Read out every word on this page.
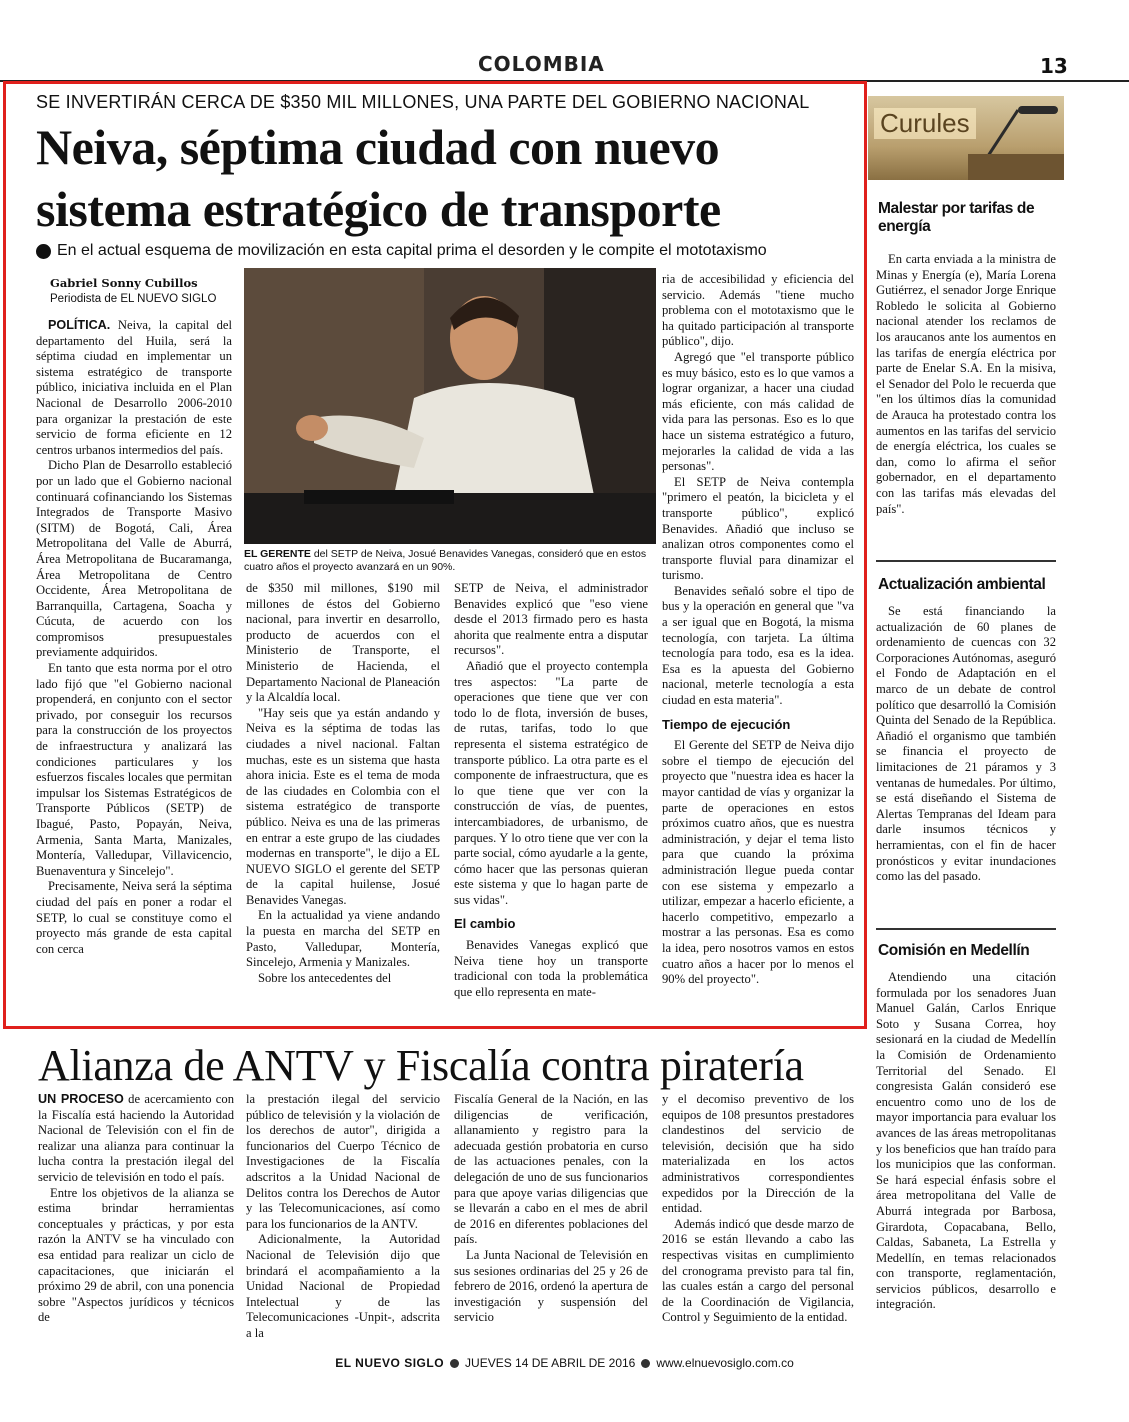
COLOMBIA	13
SE INVERTIRÁN CERCA DE $350 MIL MILLONES, UNA PARTE DEL GOBIERNO NACIONAL
Neiva, séptima ciudad con nuevo
sistema estratégico de transporte
En el actual esquema de movilización en esta capital prima el desorden y le compite el mototaxismo
Gabriel Sonny Cubillos
Periodista de EL NUEVO SIGLO

POLÍTICA. Neiva, la capital del departamento del Huila, será la séptima ciudad en implementar un sistema estratégico de transporte público, iniciativa incluida en el Plan Nacional de Desarrollo 2006-2010 para organizar la prestación de este servicio de forma eficiente en 12 centros urbanos intermedios del país.

Dicho Plan de Desarrollo estableció por un lado que el Gobierno nacional continuará cofinanciando los Sistemas Integrados de Transporte Masivo (SITM) de Bogotá, Cali, Área Metropolitana del Valle de Aburrá, Área Metropolitana de Bucaramanga, Área Metropolitana de Centro Occidente, Área Metropolitana de Barranquilla, Cartagena, Soacha y Cúcuta, de acuerdo con los compromisos presupuestales previamente adquiridos.

En tanto que esta norma por el otro lado fijó que "el Gobierno nacional propenderá, en conjunto con el sector privado, por conseguir los recursos para la construcción de los proyectos de infraestructura y analizará las condiciones particulares y los esfuerzos fiscales locales que permitan impulsar los Sistemas Estratégicos de Transporte Públicos (SETP) de Ibagué, Pasto, Popayán, Neiva, Armenia, Santa Marta, Manizales, Montería, Valledupar, Villavicencio, Buenaventura y Sincelejo".

Precisamente, Neiva será la séptima ciudad del país en poner a rodar el SETP, lo cual se constituye como el proyecto más grande de esta capital con cerca

EL GERENTE del SETP de Neiva, Josué Benavides Vanegas, consideró que en estos cuatro años el proyecto avanzará en un 90%.

de $350 mil millones, $190 mil millones de éstos del Gobierno nacional, para invertir en desarrollo, producto de acuerdos con el Ministerio de Transporte, el Ministerio de Hacienda, el Departamento Nacional de Planeación y la Alcaldía local.

"Hay seis que ya están andando y Neiva es la séptima de todas las ciudades a nivel nacional. Faltan muchas, este es un sistema que hasta ahora inicia. Este es el tema de moda de las ciudades en Colombia con el sistema estratégico de transporte público. Neiva es una de las primeras en entrar a este grupo de las ciudades modernas en transporte", le dijo a EL NUEVO SIGLO el gerente del SETP de la capital huilense, Josué Benavides Vanegas.

En la actualidad ya viene andando la puesta en marcha del SETP en Pasto, Valledupar, Montería, Sincelejo, Armenia y Manizales.

Sobre los antecedentes del

SETP de Neiva, el administrador Benavides explicó que "eso viene desde el 2013 firmado pero es hasta ahorita que realmente entra a disputar recursos".

Añadió que el proyecto contempla tres aspectos: "La parte de operaciones que tiene que ver con todo lo de flota, inversión de buses, de rutas, tarifas, todo lo que representa el sistema estratégico de transporte público. La otra parte es el componente de infraestructura, que es lo que tiene que ver con la construcción de vías, de puentes, intercambiadores, de urbanismo, de parques. Y lo otro tiene que ver con la parte social, cómo ayudarle a la gente, cómo hacer que las personas quieran este sistema y que lo hagan parte de sus vidas".

El cambio

Benavides Vanegas explicó que Neiva tiene hoy un transporte tradicional con toda la problemática que ello representa en mate-

ria de accesibilidad y eficiencia del servicio. Además "tiene mucho problema con el mototaxismo que le ha quitado participación al transporte público", dijo.

Agregó que "el transporte público es muy básico, esto es lo que vamos a lograr organizar, a hacer una ciudad más eficiente, con más calidad de vida para las personas. Eso es lo que hace un sistema estratégico a futuro, mejorarles la calidad de vida a las personas".

El SETP de Neiva contempla "primero el peatón, la bicicleta y el transporte público", explicó Benavides. Añadió que incluso se analizan otros componentes como el transporte fluvial para dinamizar el turismo.

Benavides señaló sobre el tipo de bus y la operación en general que "va a ser igual que en Bogotá, la misma tecnología, con tarjeta. La última tecnología para todo, esa es la idea. Esa es la apuesta del Gobierno nacional, meterle tecnología a esta ciudad en esta materia".

Tiempo de ejecución

El Gerente del SETP de Neiva dijo sobre el tiempo de ejecución del proyecto que "nuestra idea es hacer la mayor cantidad de vías y organizar la parte de operaciones en estos próximos cuatro años, que es nuestra administración, y dejar el tema listo para que cuando la próxima administración llegue pueda contar con ese sistema y empezarlo a utilizar, empezar a hacerlo eficiente, a hacerlo competitivo, empezarlo a mostrar a las personas. Esa es como la idea, pero nosotros vamos en estos cuatro años a hacer por lo menos el 90% del proyecto".

Curules
Malestar por tarifas de energía

En carta enviada a la ministra de Minas y Energía (e), María Lorena Gutiérrez, el senador Jorge Enrique Robledo le solicita al Gobierno nacional atender los reclamos de los araucanos ante los aumentos en las tarifas de energía eléctrica por parte de Enelar S.A. En la misiva, el Senador del Polo le recuerda que "en los últimos días la comunidad de Arauca ha protestado contra los aumentos en las tarifas del servicio de energía eléctrica, los cuales se dan, como lo afirma el señor gobernador, en el departamento con las tarifas más elevadas del país".

Actualización ambiental

Se está financiando la actualización de 60 planes de ordenamiento de cuencas con 32 Corporaciones Autónomas, aseguró el Fondo de Adaptación en el marco de un debate de control político que desarrolló la Comisión Quinta del Senado de la República. Añadió el organismo que también se financia el proyecto de limitaciones de 21 páramos y 3 ventanas de humedales. Por último, se está diseñando el Sistema de Alertas Tempranas del Ideam para darle insumos técnicos y herramientas, con el fin de hacer pronósticos y evitar inundaciones como las del pasado.

Comisión en Medellín

Atendiendo una citación formulada por los senadores Juan Manuel Galán, Carlos Enrique Soto y Susana Correa, hoy sesionará en la ciudad de Medellín la Comisión de Ordenamiento Territorial del Senado. El congresista Galán consideró ese encuentro como uno de los de mayor importancia para evaluar los avances de las áreas metropolitanas y los beneficios que han traído para los municipios que las conforman. Se hará especial énfasis sobre el área metropolitana del Valle de Aburrá integrada por Barbosa, Girardota, Copacabana, Bello, Caldas, Sabaneta, La Estrella y Medellín, en temas relacionados con transporte, reglamentación, servicios públicos, desarrollo e integración.

Alianza de ANTV y Fiscalía contra piratería

UN PROCESO de acercamiento con la Fiscalía está haciendo la Autoridad Nacional de Televisión con el fin de realizar una alianza para continuar la lucha contra la prestación ilegal del servicio de televisión en todo el país.

Entre los objetivos de la alianza se estima brindar herramientas conceptuales y prácticas, y por esta razón la ANTV se ha vinculado con esa entidad para realizar un ciclo de capacitaciones, que iniciarán el próximo 29 de abril, con una ponencia sobre "Aspectos jurídicos y técnicos de

la prestación ilegal del servicio público de televisión y la violación de los derechos de autor", dirigida a funcionarios del Cuerpo Técnico de Investigaciones de la Fiscalía adscritos a la Unidad Nacional de Delitos contra los Derechos de Autor y las Telecomunicaciones, así como para los funcionarios de la ANTV.

Adicionalmente, la Autoridad Nacional de Televisión dijo que brindará el acompañamiento a la Unidad Nacional de Propiedad Intelectual y de las Telecomunicaciones -Unpit-, adscrita a la

Fiscalía General de la Nación, en las diligencias de verificación, allanamiento y registro para la adecuada gestión probatoria en curso de las actuaciones penales, con la delegación de uno de sus funcionarios para que apoye varias diligencias que se llevarán a cabo en el mes de abril de 2016 en diferentes poblaciones del país.

La Junta Nacional de Televisión en sus sesiones ordinarias del 25 y 26 de febrero de 2016, ordenó la apertura de investigación y suspensión del servicio

y el decomiso preventivo de los equipos de 108 presuntos prestadores clandestinos del servicio de televisión, decisión que ha sido materializada en los actos administrativos correspondientes expedidos por la Dirección de la entidad.

Además indicó que desde marzo de 2016 se están llevando a cabo las respectivas visitas en cumplimiento del cronograma previsto para tal fin, las cuales están a cargo del personal de la Coordinación de Vigilancia, Control y Seguimiento de la entidad.

EL NUEVO SIGLO JUEVES 14 DE ABRIL DE 2016 www.elnuevosiglo.com.co
